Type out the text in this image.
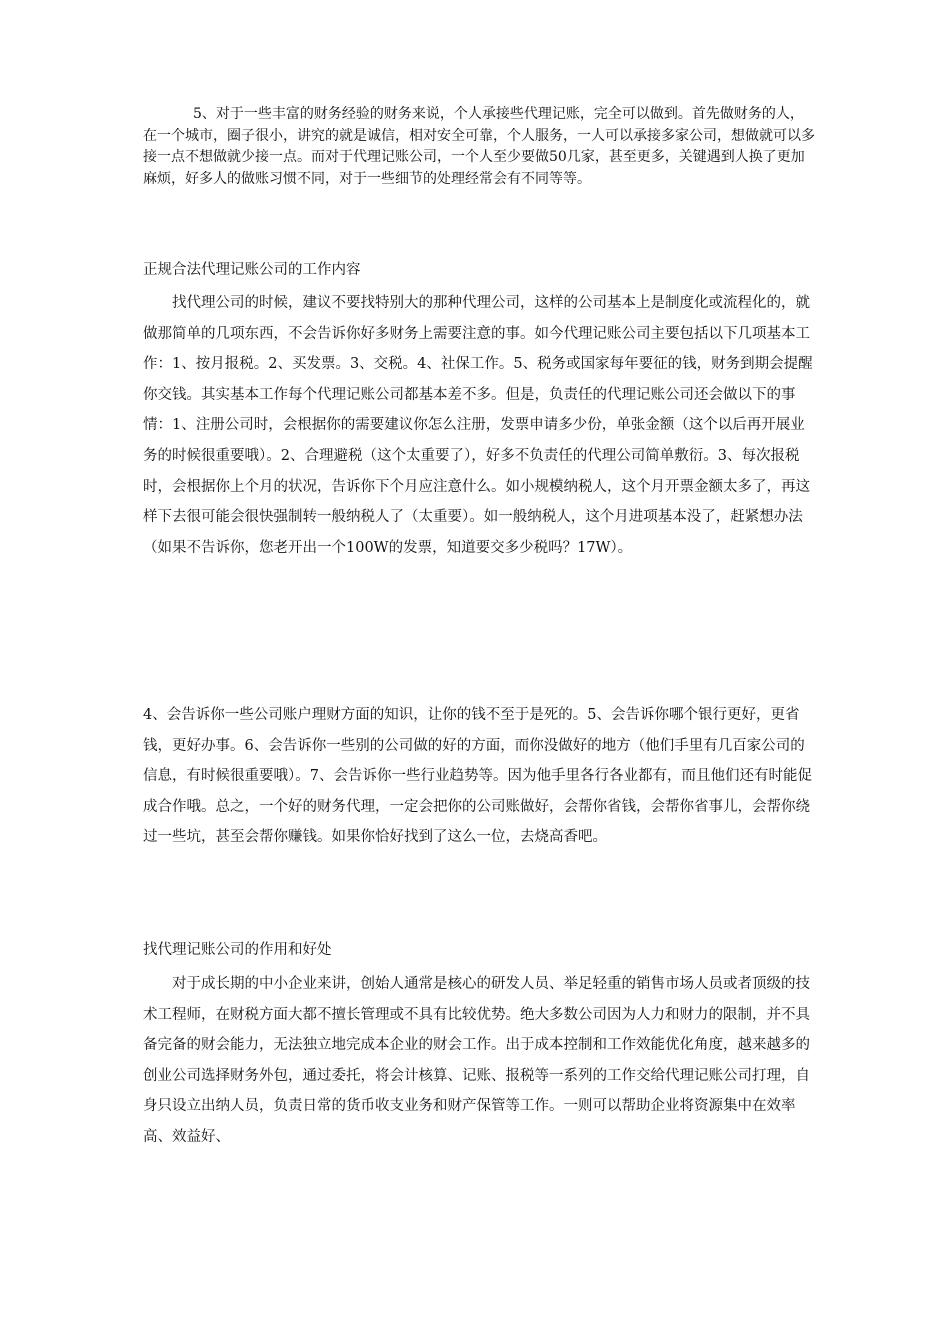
5、对于一些丰富的财务经验的财务来说，个人承接些代理记账，完全可以做到。首先做财务的人，在一个城市，圈子很小，讲究的就是诚信，相对安全可靠，个人服务，一人可以承接多家公司，想做就可以多接一点不想做就少接一点。而对于代理记账公司，一个人至少要做50几家，甚至更多，关键遇到人换了更加麻烦，好多人的做账习惯不同，对于一些细节的处理经常会有不同等等。

正规合法代理记账公司的工作内容

找代理公司的时候，建议不要找特别大的那种代理公司，这样的公司基本上是制度化或流程化的，就做那简单的几项东西，不会告诉你好多财务上需要注意的事。如今代理记账公司主要包括以下几项基本工作：1、按月报税。2、买发票。3、交税。4、社保工作。5、税务或国家每年要征的钱，财务到期会提醒你交钱。其实基本工作每个代理记账公司都基本差不多。但是，负责任的代理记账公司还会做以下的事情：1、注册公司时，会根据你的需要建议你怎么注册，发票申请多少份，单张金额（这个以后再开展业务的时候很重要哦）。2、合理避税（这个太重要了），好多不负责任的代理公司简单敷衍。3、每次报税时，会根据你上个月的状况，告诉你下个月应注意什么。如小规模纳税人，这个月开票金额太多了，再这样下去很可能会很快强制转一般纳税人了（太重要）。如一般纳税人，这个月进项基本没了，赶紧想办法（如果不告诉你，您老开出一个100W的发票，知道要交多少税吗？17W）。

4、会告诉你一些公司账户理财方面的知识，让你的钱不至于是死的。5、会告诉你哪个银行更好，更省钱，更好办事。6、会告诉你一些别的公司做的好的方面，而你没做好的地方（他们手里有几百家公司的信息，有时候很重要哦）。7、会告诉你一些行业趋势等。因为他手里各行各业都有，而且他们还有时能促成合作哦。总之，一个好的财务代理，一定会把你的公司账做好，会帮你省钱，会帮你省事儿，会帮你绕过一些坑，甚至会帮你赚钱。如果你恰好找到了这么一位，去烧高香吧。

找代理记账公司的作用和好处

对于成长期的中小企业来讲，创始人通常是核心的研发人员、举足轻重的销售市场人员或者顶级的技术工程师，在财税方面大都不擅长管理或不具有比较优势。绝大多数公司因为人力和财力的限制，并不具备完备的财会能力，无法独立地完成本企业的财会工作。出于成本控制和工作效能优化角度，越来越多的创业公司选择财务外包，通过委托，将会计核算、记账、报税等一系列的工作交给代理记账公司打理，自身只设立出纳人员，负责日常的货币收支业务和财产保管等工作。一则可以帮助企业将资源集中在效率高、效益好、
